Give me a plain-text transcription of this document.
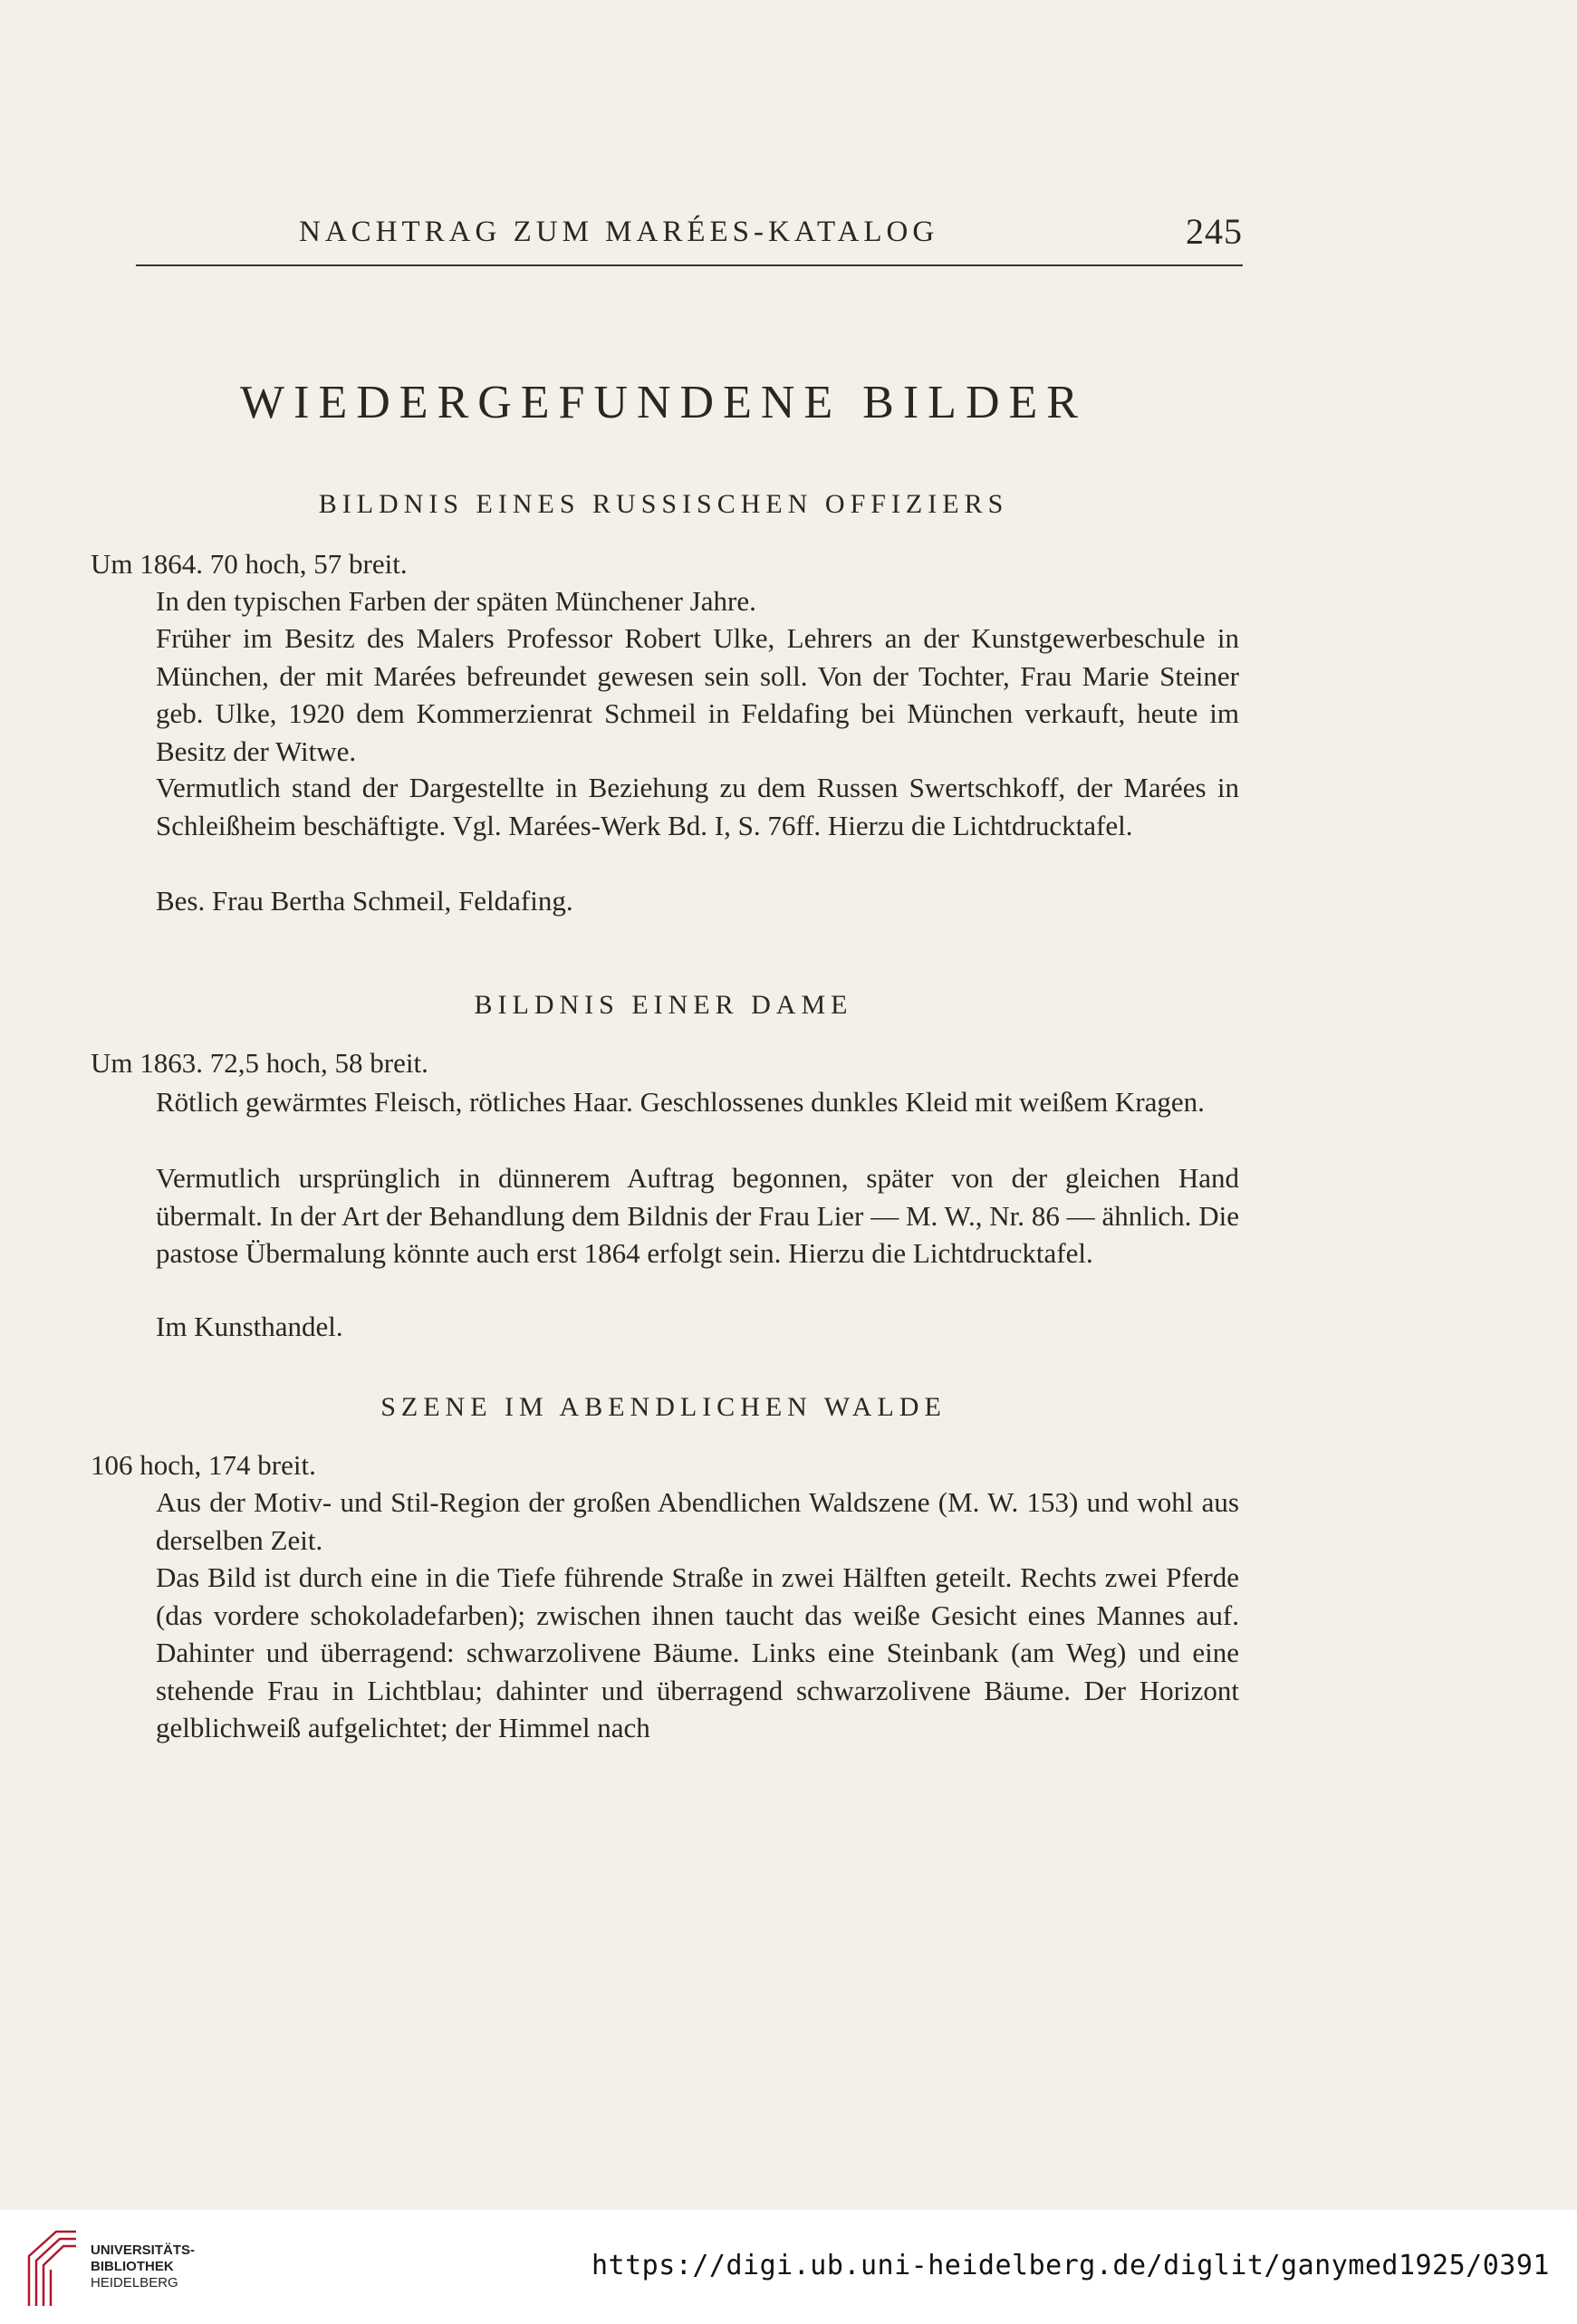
NACHTRAG ZUM MARÉES-KATALOG	245
WIEDERGEFUNDENE BILDER
BILDNIS EINES RUSSISCHEN OFFIZIERS
Um 1864. 70 hoch, 57 breit.
In den typischen Farben der späten Münchener Jahre.
Früher im Besitz des Malers Professor Robert Ulke, Lehrers an der Kunstgewerbeschule in München, der mit Marées befreundet gewesen sein soll. Von der Tochter, Frau Marie Steiner geb. Ulke, 1920 dem Kommerzienrat Schmeil in Feldafing bei München verkauft, heute im Besitz der Witwe.
Vermutlich stand der Dargestellte in Beziehung zu dem Russen Swertschkoff, der Marées in Schleißheim beschäftigte. Vgl. Marées-Werk Bd. I, S. 76ff. Hierzu die Lichtdrucktafel.
Bes. Frau Bertha Schmeil, Feldafing.
BILDNIS EINER DAME
Um 1863. 72,5 hoch, 58 breit.
Rötlich gewärmtes Fleisch, rötliches Haar. Geschlossenes dunkles Kleid mit weißem Kragen.
Vermutlich ursprünglich in dünnerem Auftrag begonnen, später von der gleichen Hand übermalt. In der Art der Behandlung dem Bildnis der Frau Lier — M. W., Nr. 86 — ähnlich. Die pastose Übermalung könnte auch erst 1864 erfolgt sein. Hierzu die Lichtdrucktafel.
Im Kunsthandel.
SZENE IM ABENDLICHEN WALDE
106 hoch, 174 breit.
Aus der Motiv- und Stil-Region der großen Abendlichen Waldszene (M. W. 153) und wohl aus derselben Zeit.
Das Bild ist durch eine in die Tiefe führende Straße in zwei Hälften geteilt. Rechts zwei Pferde (das vordere schokoladefarben); zwischen ihnen taucht das weiße Gesicht eines Mannes auf. Dahinter und überragend: schwarzolivene Bäume. Links eine Steinbank (am Weg) und eine stehende Frau in Lichtblau; dahinter und überragend schwarzolivene Bäume. Der Horizont gelblichweiß aufgelichtet; der Himmel nach
UNIVERSITÄTS-
BIBLIOTHEK
HEIDELBERG
https://digi.ub.uni-heidelberg.de/diglit/ganymed1925/0391
